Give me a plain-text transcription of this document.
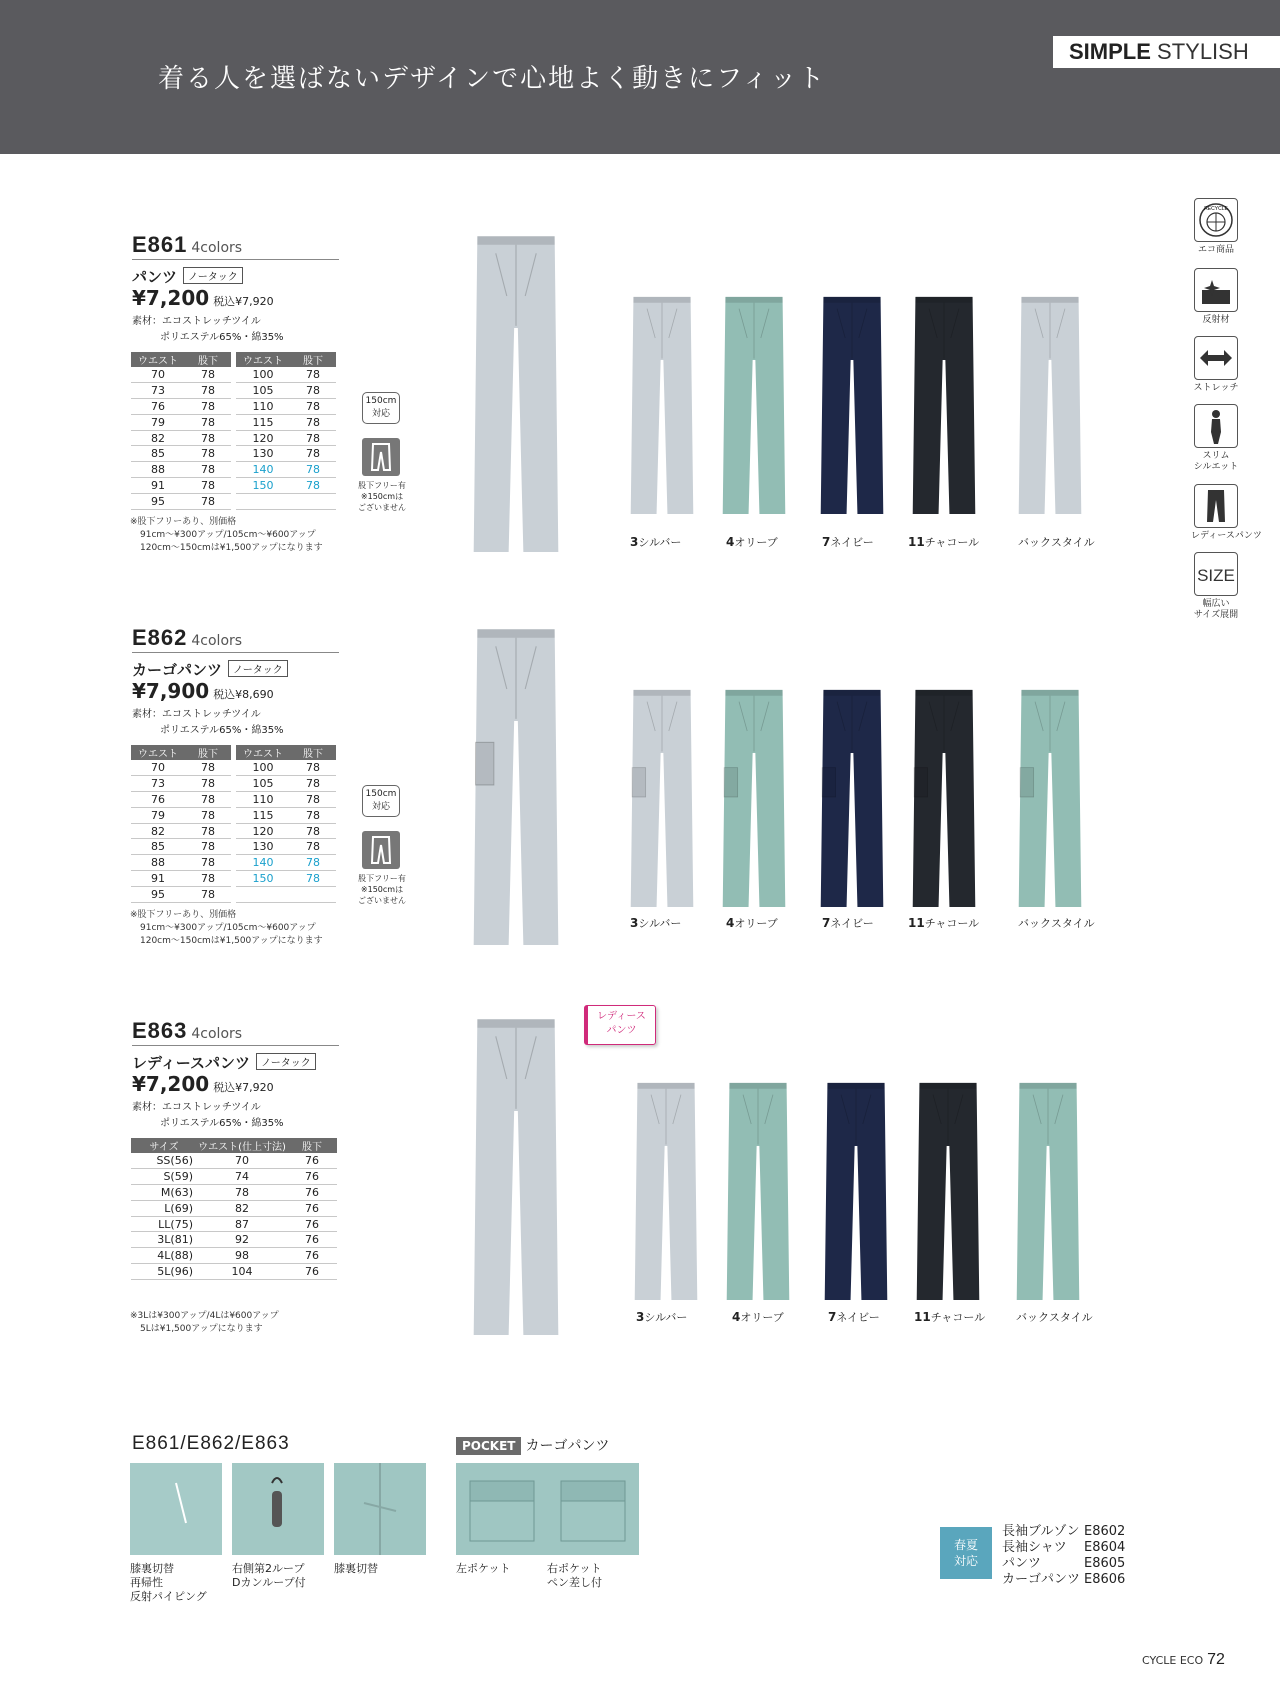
着る人を選ばないデザインで心地よく動きにフィット
SIMPLE STYLISH
E861 4colors
パンツ ノータック
¥7,200 税込¥7,920
素材：エコストレッチツイル
ポリエステル65%・綿35%
ウエスト	股下		ウエスト	股下
70	78		100	78
73	78		105	78
76	78		110	78
79	78		115	78
82	78		120	78
85	78		130	78
88	78		140	78
91	78		150	78
95	78			
※股下フリーあり、別価格
91cm～¥300アップ/105cm～¥600アップ
120cm～150cmは¥1,500アップになります
150cm
対応
股下フリー有
※150cmは
ございません
3シルバー	4オリーブ	7ネイビー	11チャコール	バックスタイル
E862 4colors
カーゴパンツ ノータック
¥7,900 税込¥8,690
素材：エコストレッチツイル
ポリエステル65%・綿35%
ウエスト	股下		ウエスト	股下
70	78		100	78
73	78		105	78
76	78		110	78
79	78		115	78
82	78		120	78
85	78		130	78
88	78		140	78
91	78		150	78
95	78			
※股下フリーあり、別価格
91cm～¥300アップ/105cm～¥600アップ
120cm～150cmは¥1,500アップになります
150cm
対応
股下フリー有
※150cmは
ございません
3シルバー	4オリーブ	7ネイビー	11チャコール	バックスタイル
E863 4colors
レディースパンツ ノータック
¥7,200 税込¥7,920
素材：エコストレッチツイル
ポリエステル65%・綿35%
サイズ	ウエスト(仕上寸法)	股下
SS(56)	70	76
S(59)	74	76
M(63)	78	76
L(69)	82	76
LL(75)	87	76
3L(81)	92	76
4L(88)	98	76
5L(96)	104	76
※3Lは¥300アップ/4Lは¥600アップ
5Lは¥1,500アップになります
3シルバー	4オリーブ	7ネイビー	11チャコール	バックスタイル
RECYCLE
エコ商品
反射材
ストレッチ
スリム
シルエット
レディースパンツ
SIZE
幅広い
サイズ展開
レディース
パンツ
E861/E862/E863	POCKET カーゴパンツ
膝裏切替
再帰性
反射パイピング
右側第2ループ
Dカンループ付
膝裏切替	左ポケット	右ポケット
ペン差し付
春夏
対応
長袖ブルゾン E8602
長袖シャツ E8604
パンツ	E8605
カーゴパンツ E8606
CYCLE ECO 72
